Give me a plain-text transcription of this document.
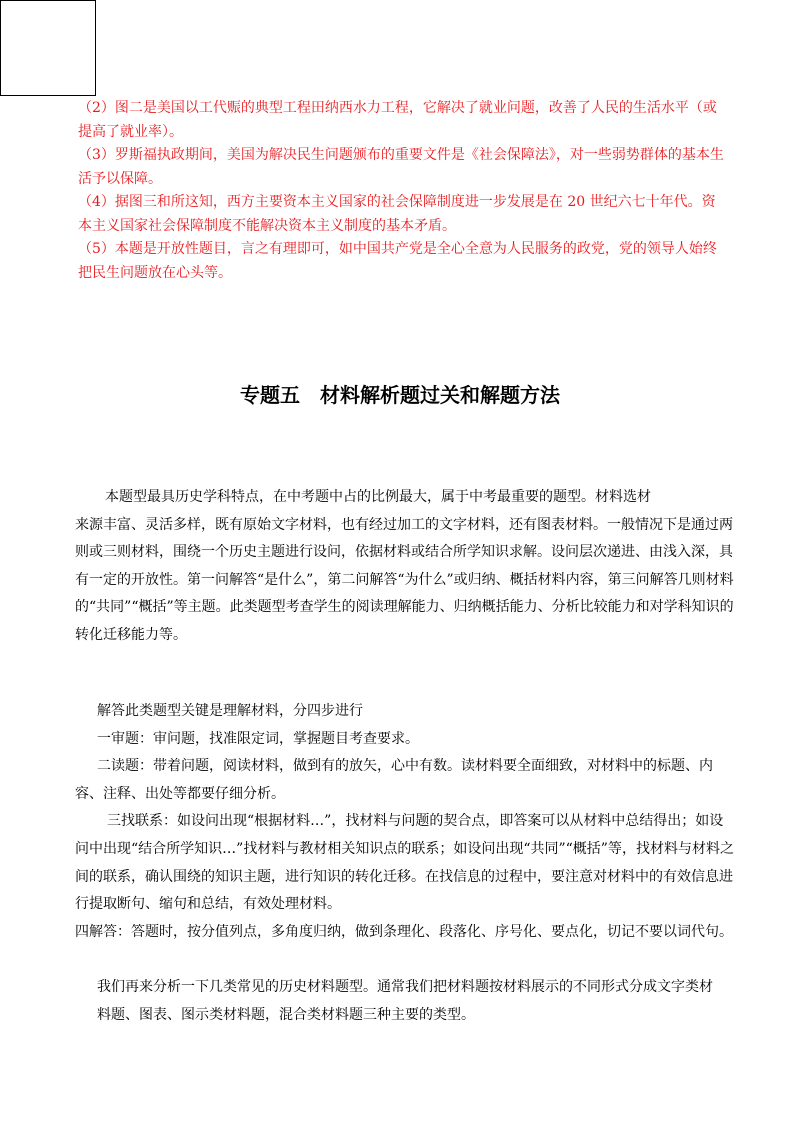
（2）图二是美国以工代赈的典型工程田纳西水力工程，它解决了就业问题，改善了人民的生活水平（或提高了就业率）。

（3）罗斯福执政期间，美国为解决民生问题颁布的重要文件是《社会保障法》，对一些弱势群体的基本生活予以保障。

（4）据图三和所这知，西方主要资本主义国家的社会保障制度进一步发展是在 20 世纪六七十年代。资本主义国家社会保障制度不能解决资本主义制度的基本矛盾。

（5）本题是开放性题目，言之有理即可，如中国共产党是全心全意为人民服务的政党，党的领导人始终把民生问题放在心头等。

专题五　材料解析题过关和解题方法

本题型最具历史学科特点，在中考题中占的比例最大，属于中考最重要的题型。材料选材

来源丰富、灵活多样，既有原始文字材料，也有经过加工的文字材料，还有图表材料。一般情况下是通过两则或三则材料，围绕一个历史主题进行设问，依据材料或结合所学知识求解。设问层次递进、由浅入深，具有一定的开放性。第一问解答“是什么”，第二问解答“为什么”或归纳、概括材料内容，第三问解答几则材料的“共同”“概括”等主题。此类题型考查学生的阅读理解能力、归纳概括能力、分析比较能力和对学科知识的转化迁移能力等。

解答此类题型关键是理解材料，分四步进行

一审题：审问题，找准限定词，掌握题目考查要求。

二读题：带着问题，阅读材料，做到有的放矢，心中有数。读材料要全面细致，对材料中的标题、内容、注释、出处等都要仔细分析。

三找联系：如设问出现“根据材料…”，找材料与问题的契合点，即答案可以从材料中总结得出；如设问中出现“结合所学知识…”找材料与教材相关知识点的联系；如设问出现“共同”“概括”等，找材料与材料之间的联系，确认围绕的知识主题，进行知识的转化迁移。在找信息的过程中，要注意对材料中的有效信息进行提取断句、缩句和总结，有效处理材料。

四解答：答题时，按分值列点，多角度归纳，做到条理化、段落化、序号化、要点化，切记不要以词代句。

我们再来分析一下几类常见的历史材料题型。通常我们把材料题按材料展示的不同形式分成文字类材

料题、图表、图示类材料题，混合类材料题三种主要的类型。
